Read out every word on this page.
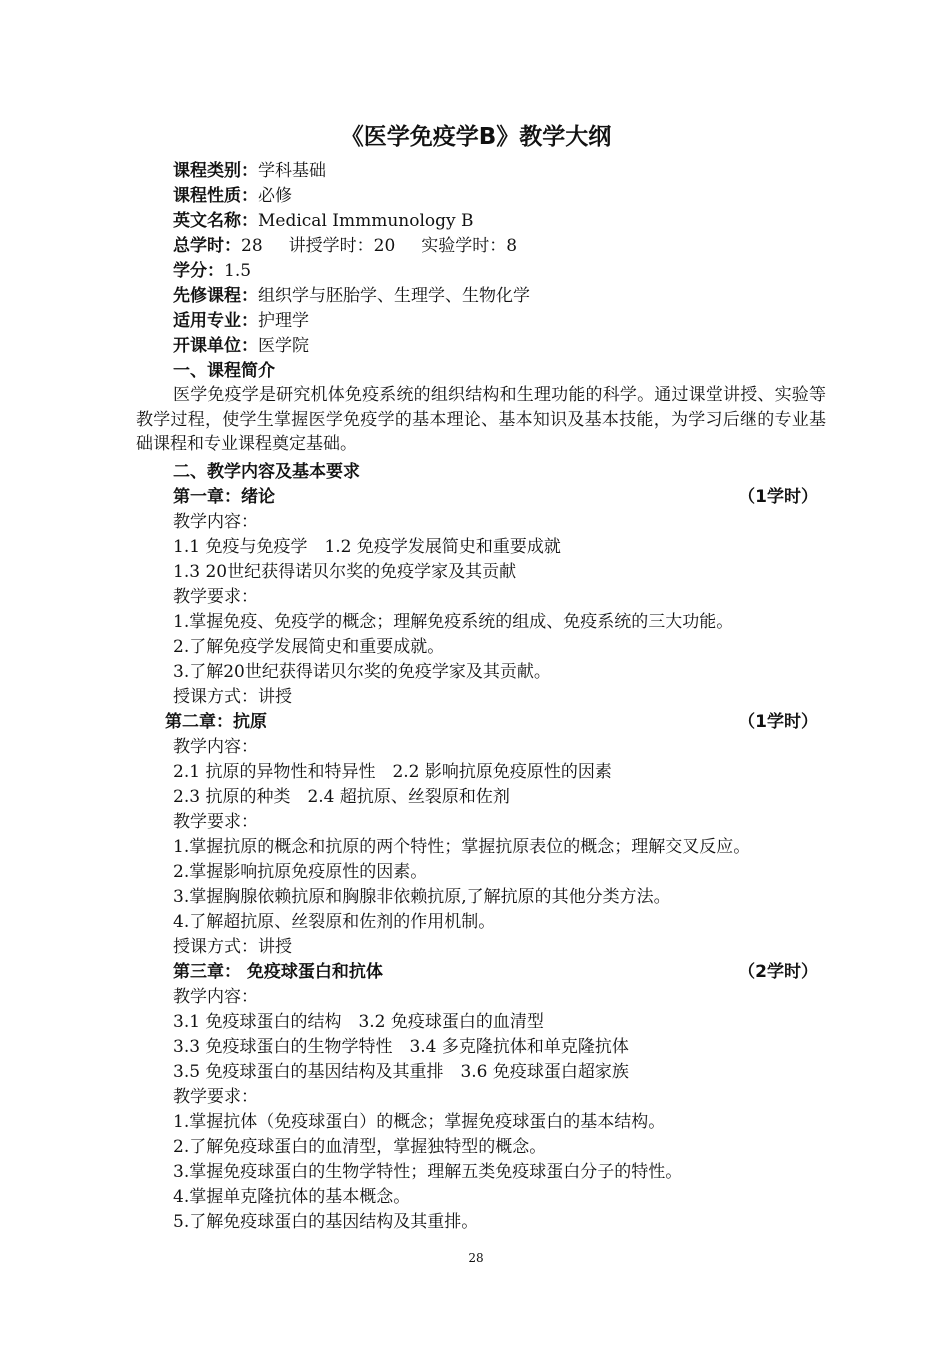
《医学免疫学B》教学大纲
课程类别：学科基础
课程性质：必修
英文名称：Medical Immmunology B
总学时：28 讲授学时：20 实验学时：8
学分：1.5
先修课程：组织学与胚胎学、生理学、生物化学
适用专业：护理学
开课单位：医学院
一、课程简介
医学免疫学是研究机体免疫系统的组织结构和生理功能的科学。通过课堂讲授、实验等教学过程，使学生掌握医学免疫学的基本理论、基本知识及基本技能，为学习后继的专业基础课程和专业课程奠定基础。
二、教学内容及基本要求
第一章：绪论	（1学时）
教学内容：
1.1 免疫与免疫学　1.2 免疫学发展简史和重要成就
1.3 20世纪获得诺贝尔奖的免疫学家及其贡献
教学要求：
1.掌握免疫、免疫学的概念；理解免疫系统的组成、免疫系统的三大功能。
2.了解免疫学发展简史和重要成就。
3.了解20世纪获得诺贝尔奖的免疫学家及其贡献。
授课方式：讲授
第二章：抗原	（1学时）
教学内容：
2.1 抗原的异物性和特异性　2.2 影响抗原免疫原性的因素
2.3 抗原的种类　2.4 超抗原、丝裂原和佐剂
教学要求：
1.掌握抗原的概念和抗原的两个特性；掌握抗原表位的概念；理解交叉反应。
2.掌握影响抗原免疫原性的因素。
3.掌握胸腺依赖抗原和胸腺非依赖抗原,了解抗原的其他分类方法。
4.了解超抗原、丝裂原和佐剂的作用机制。
授课方式：讲授
第三章： 免疫球蛋白和抗体	（2学时）
教学内容：
3.1 免疫球蛋白的结构　3.2 免疫球蛋白的血清型
3.3 免疫球蛋白的生物学特性　3.4 多克隆抗体和单克隆抗体
3.5 免疫球蛋白的基因结构及其重排　3.6 免疫球蛋白超家族
教学要求：
1.掌握抗体（免疫球蛋白）的概念；掌握免疫球蛋白的基本结构。
2.了解免疫球蛋白的血清型，掌握独特型的概念。
3.掌握免疫球蛋白的生物学特性；理解五类免疫球蛋白分子的特性。
4.掌握单克隆抗体的基本概念。
5.了解免疫球蛋白的基因结构及其重排。
28
